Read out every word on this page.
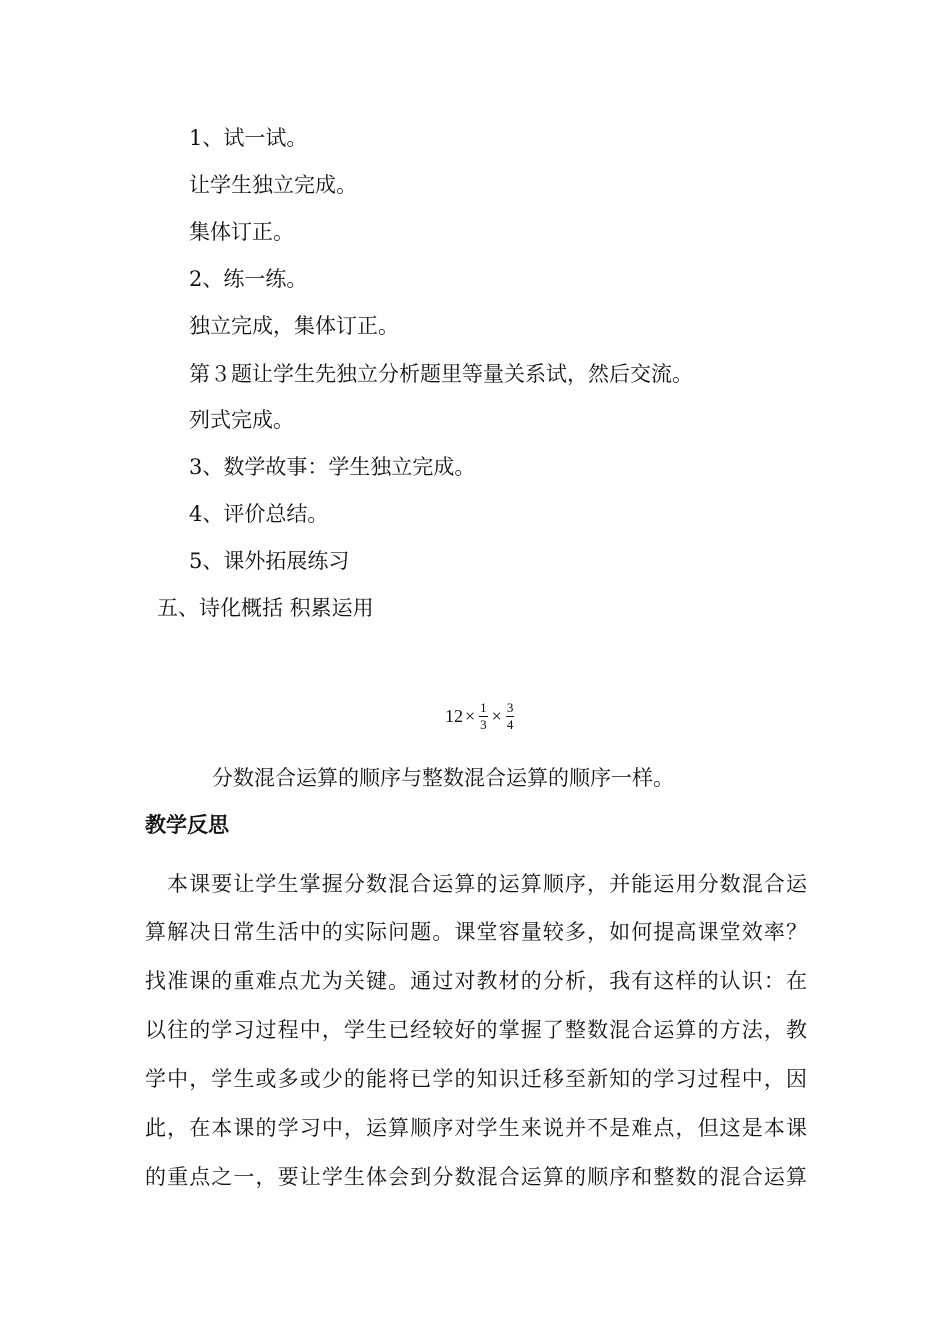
1、试一试。
让学生独立完成。
集体订正。
2、练一练。
独立完成，集体订正。
第３题让学生先独立分析题里等量关系试，然后交流。
列式完成。
3、数学故事：学生独立完成。
4、评价总结。
5、课外拓展练习
五、诗化概括 积累运用
$12 \times \frac{1}{3} \times \frac{3}{4}$
分数混合运算的顺序与整数混合运算的顺序一样。
教学反思
本课要让学生掌握分数混合运算的运算顺序，并能运用分数混合运
算解决日常生活中的实际问题。课堂容量较多，如何提高课堂效率？
找准课的重难点尤为关键。通过对教材的分析，我有这样的认识：在
以往的学习过程中，学生已经较好的掌握了整数混合运算的方法，教
学中，学生或多或少的能将已学的知识迁移至新知的学习过程中，因
此，在本课的学习中，运算顺序对学生来说并不是难点，但这是本课
的重点之一，要让学生体会到分数混合运算的顺序和整数的混合运算
